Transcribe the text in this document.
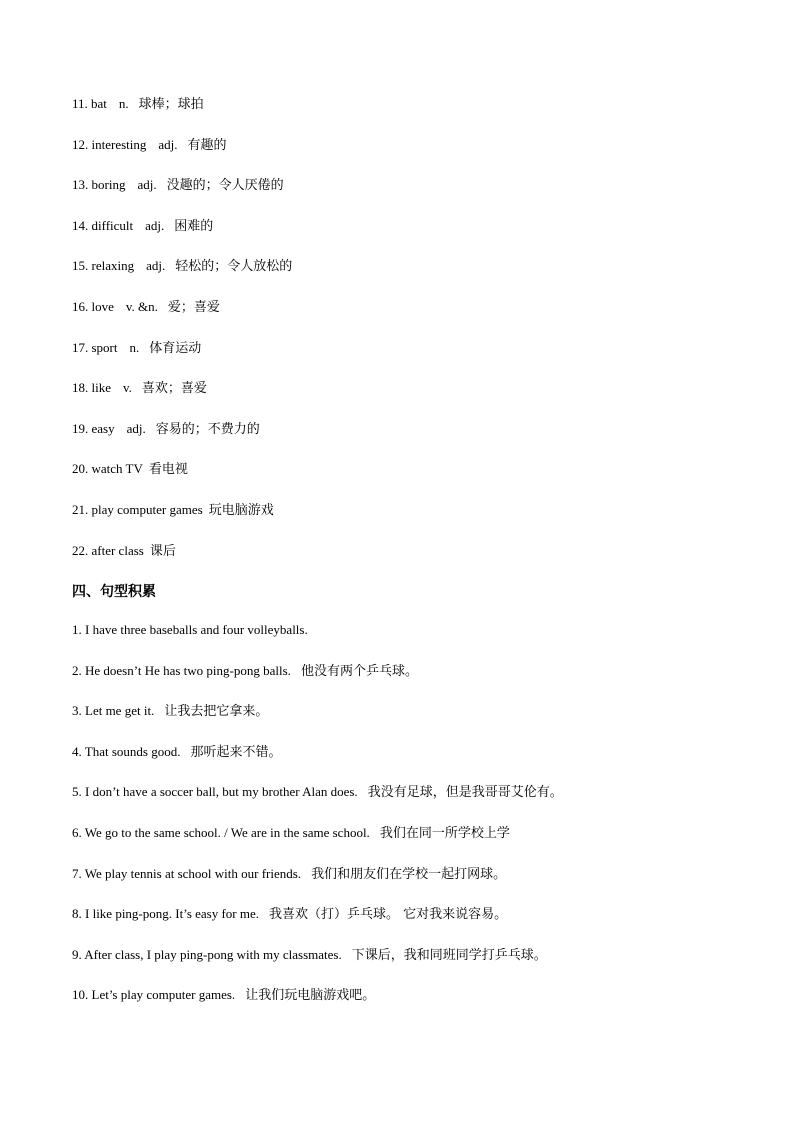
11. bat n. 球棒；球拍
12. interesting adj. 有趣的
13. boring adj. 没趣的；令人厌倦的
14. difficult adj. 困难的
15. relaxing adj. 轻松的；令人放松的
16. love v. &n. 爱；喜爱
17. sport n. 体育运动
18. like v. 喜欢；喜爱
19. easy adj. 容易的；不费力的
20. watch TV 看电视
21. play computer games 玩电脑游戏
22. after class 课后
四、句型积累
1. I have three baseballs and four volleyballs.
2. He doesn’t He has two ping-pong balls. 他没有两个乒乓球。
3. Let me get it. 让我去把它拿来。
4. That sounds good. 那听起来不错。
5. I don’t have a soccer ball, but my brother Alan does. 我没有足球，但是我哥哥艾伦有。
6. We go to the same school. / We are in the same school. 我们在同一所学校上学
7. We play tennis at school with our friends. 我们和朋友们在学校一起打网球。
8. I like ping-pong. It’s easy for me. 我喜欢（打）乒乓球。 它对我来说容易。
9. After class, I play ping-pong with my classmates. 下课后，我和同班同学打乒乓球。
10. Let’s play computer games. 让我们玩电脑游戏吧。
